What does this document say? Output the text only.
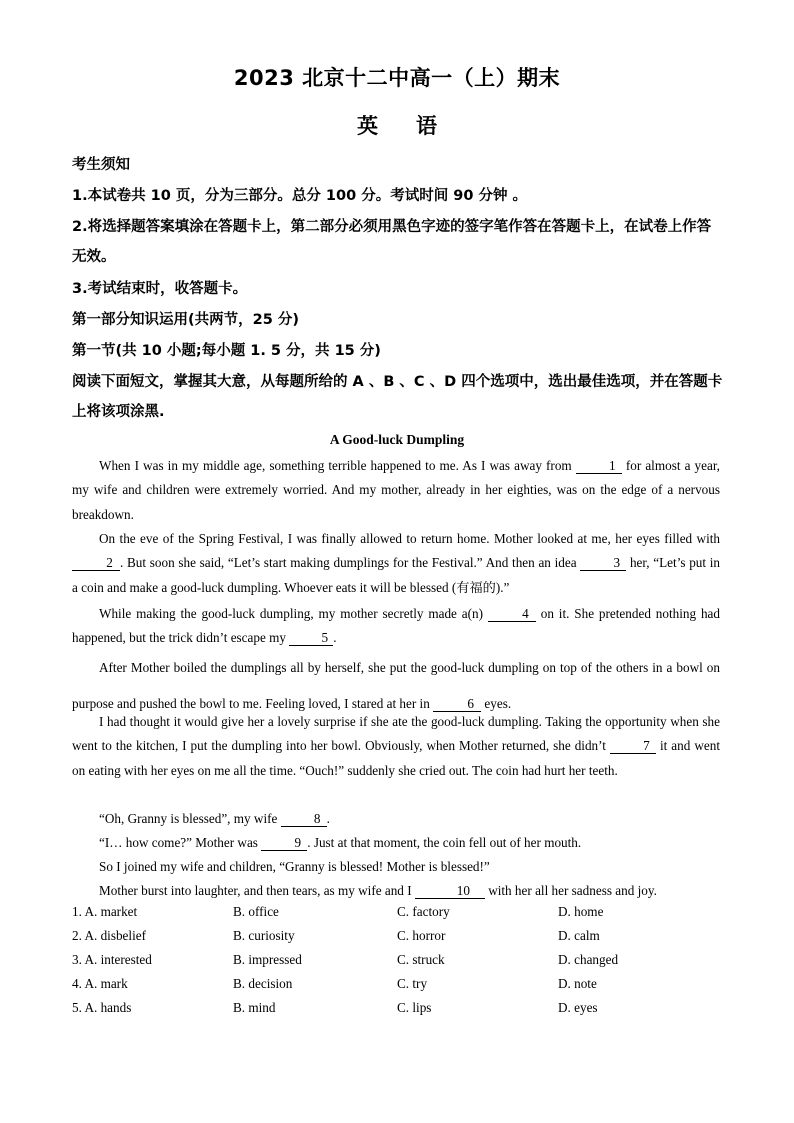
2023 北京十二中高一（上）期末
英语
考生须知
1.本试卷共 10 页，分为三部分。总分 100 分。考试时间 90 分钟 。
2.将选择题答案填涂在答题卡上，第二部分必须用黑色字迹的签字笔作答在答题卡上，在试卷上作答无效。
3.考试结束时，收答题卡。
第一部分知识运用(共两节，25 分)
第一节(共 10 小题;每小题 1. 5 分，共 15 分)
阅读下面短文，掌握其大意，从每题所给的 A 、B 、C 、D 四个选项中，选出最佳选项，并在答题卡上将该项涂黑.
A Good-luck Dumpling
When I was in my middle age, something terrible happened to me. As I was away from	1 for almost a year, my wife and children were extremely worried. And my mother, already in her eighties, was on the edge of a nervous breakdown.
On the eve of the Spring Festival, I was finally allowed to return home. Mother looked at me, her eyes filled with 2 . But soon she said, “Let’s start making dumplings for the Festival.” And then an idea	3 her, “Let’s put in a coin and make a good-luck dumpling. Whoever eats it will be blessed (有福的).”
While making the good-luck dumpling, my mother secretly made a(n)	4 on it. She pretended nothing had happened, but the trick didn’t escape my 5 .
After Mother boiled the dumplings all by herself, she put the good-luck dumpling on top of the others in a bowl on purpose and pushed the bowl to me. Feeling loved, I stared at her in	6 eyes.
I had thought it would give her a lovely surprise if she ate the good-luck dumpling. Taking the opportunity when she went to the kitchen, I put the dumpling into her bowl. Obviously, when Mother returned, she didn’t	7 it and went on eating with her eyes on me all the time. “Ouch!” suddenly she cried out. The coin had hurt her teeth.
“Oh, Granny is blessed”, my wife	8 .
“I… how come?” Mother was	9 . Just at that moment, the coin fell out of her mouth.
So I joined my wife and children, “Granny is blessed! Mother is blessed!”
Mother burst into laughter, and then tears, as my wife and I	10 with her all her sadness and joy.
1. A. market	B. office	C. factory	D. home
2. A. disbelief	B. curiosity	C. horror	D. calm
3. A. interested	B. impressed	C. struck	D. changed
4. A. mark	B. decision	C. try	D. note
5. A. hands	B. mind	C. lips	D. eyes
